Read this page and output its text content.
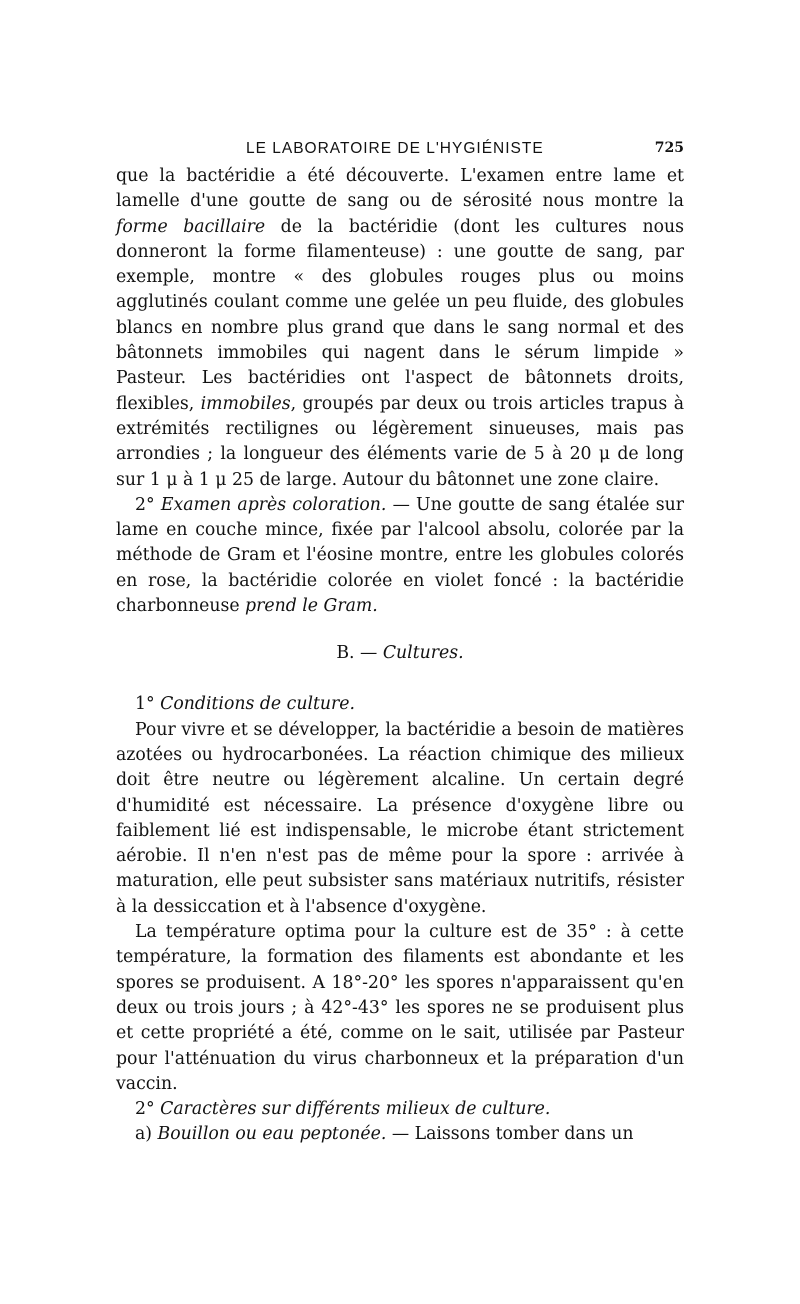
LE LABORATOIRE DE L'HYGIÉNISTE	725

que la bactéridie a été découverte. L'examen entre lame et lamelle d'une goutte de sang ou de sérosité nous montre la forme bacillaire de la bactéridie (dont les cultures nous donneront la forme filamenteuse) : une goutte de sang, par exemple, montre « des globules rouges plus ou moins agglutinés coulant comme une gelée un peu fluide, des globules blancs en nombre plus grand que dans le sang normal et des bâtonnets immobiles qui nagent dans le sérum limpide » Pasteur. Les bactéridies ont l'aspect de bâtonnets droits, flexibles, immobiles, groupés par deux ou trois articles trapus à extrémités rectilignes ou légèrement sinueuses, mais pas arrondies ; la longueur des éléments varie de 5 à 20 μ de long sur 1 μ à 1 μ 25 de large. Autour du bâtonnet une zone claire.

2° Examen après coloration. — Une goutte de sang étalée sur lame en couche mince, fixée par l'alcool absolu, colorée par la méthode de Gram et l'éosine montre, entre les globules colorés en rose, la bactéridie colorée en violet foncé : la bactéridie charbonneuse prend le Gram.

B. — Cultures.

1° Conditions de culture.

Pour vivre et se développer, la bactéridie a besoin de matières azotées ou hydrocarbonées. La réaction chimique des milieux doit être neutre ou légèrement alcaline. Un certain degré d'humidité est nécessaire. La présence d'oxygène libre ou faiblement lié est indispensable, le microbe étant strictement aérobie. Il n'en n'est pas de même pour la spore : arrivée à maturation, elle peut subsister sans matériaux nutritifs, résister à la dessiccation et à l'absence d'oxygène.

La température optima pour la culture est de 35° : à cette température, la formation des filaments est abondante et les spores se produisent. A 18°-20° les spores n'apparaissent qu'en deux ou trois jours ; à 42°-43° les spores ne se produisent plus et cette propriété a été, comme on le sait, utilisée par Pasteur pour l'atténuation du virus charbonneux et la préparation d'un vaccin.

2° Caractères sur différents milieux de culture.

a) Bouillon ou eau peptonée. — Laissons tomber dans un
